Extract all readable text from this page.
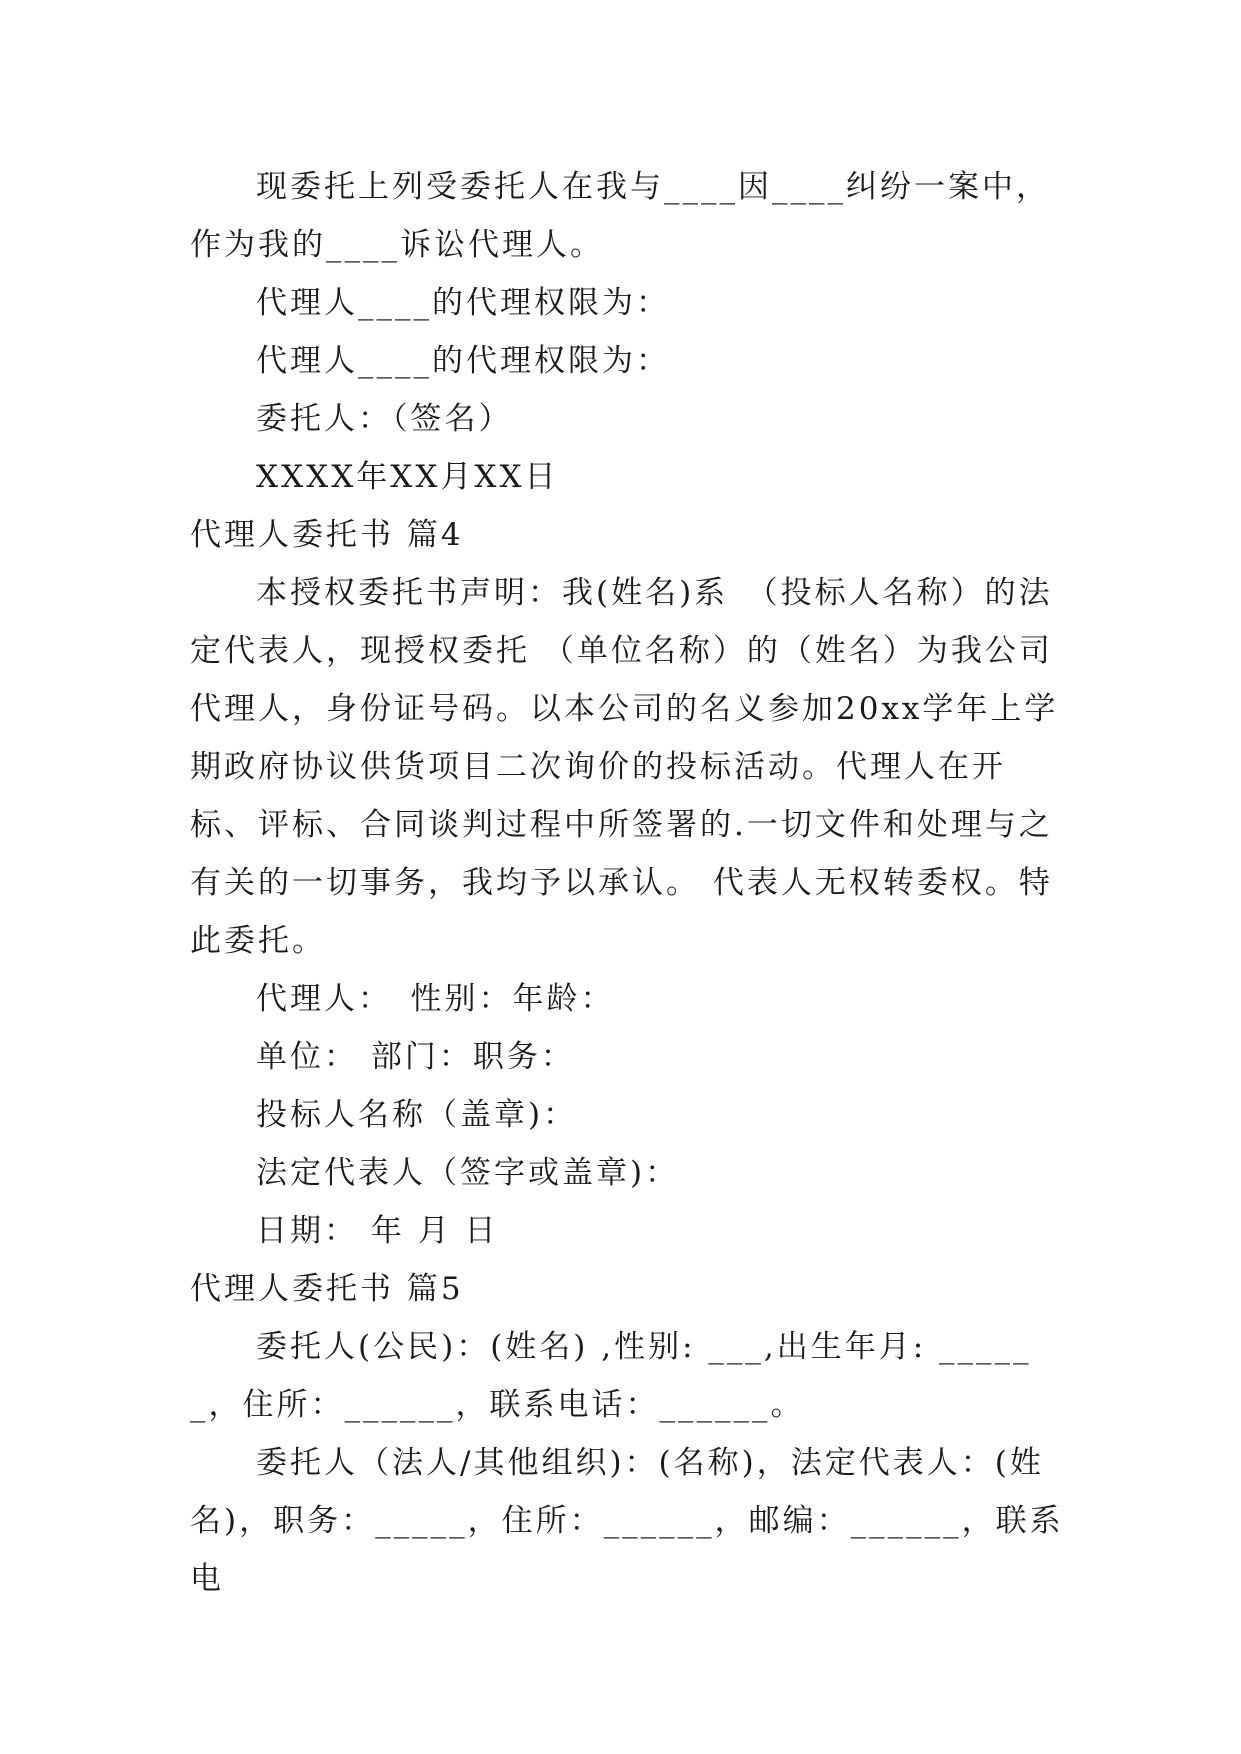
现委托上列受委托人在我与____因____纠纷一案中，作为我的____诉讼代理人。

代理人____的代理权限为：

代理人____的代理权限为：

委托人：（签名）

XXXX年XX月XX日

代理人委托书 篇4

本授权委托书声明：我(姓名)系　（投标人名称）的法定代表人，现授权委托 （单位名称）的（姓名）为我公司代理人，身份证号码。以本公司的名义参加20xx学年上学期政府协议供货项目二次询价的投标活动。代理人在开标、评标、合同谈判过程中所签署的.一切文件和处理与之有关的一切事务，我均予以承认。 代表人无权转委权。特此委托。

代理人：　性别：年龄：

单位： 部门：职务：

投标人名称（盖章)：

法定代表人（签字或盖章)：

日期： 年 月 日

代理人委托书 篇5

委托人(公民)：(姓名) ,性别: ___,出生年月: ______，住所：______，联系电话：______。

委托人（法人/其他组织)：(名称)，法定代表人：(姓名)，职务：_____，住所：______，邮编：______，联系电
